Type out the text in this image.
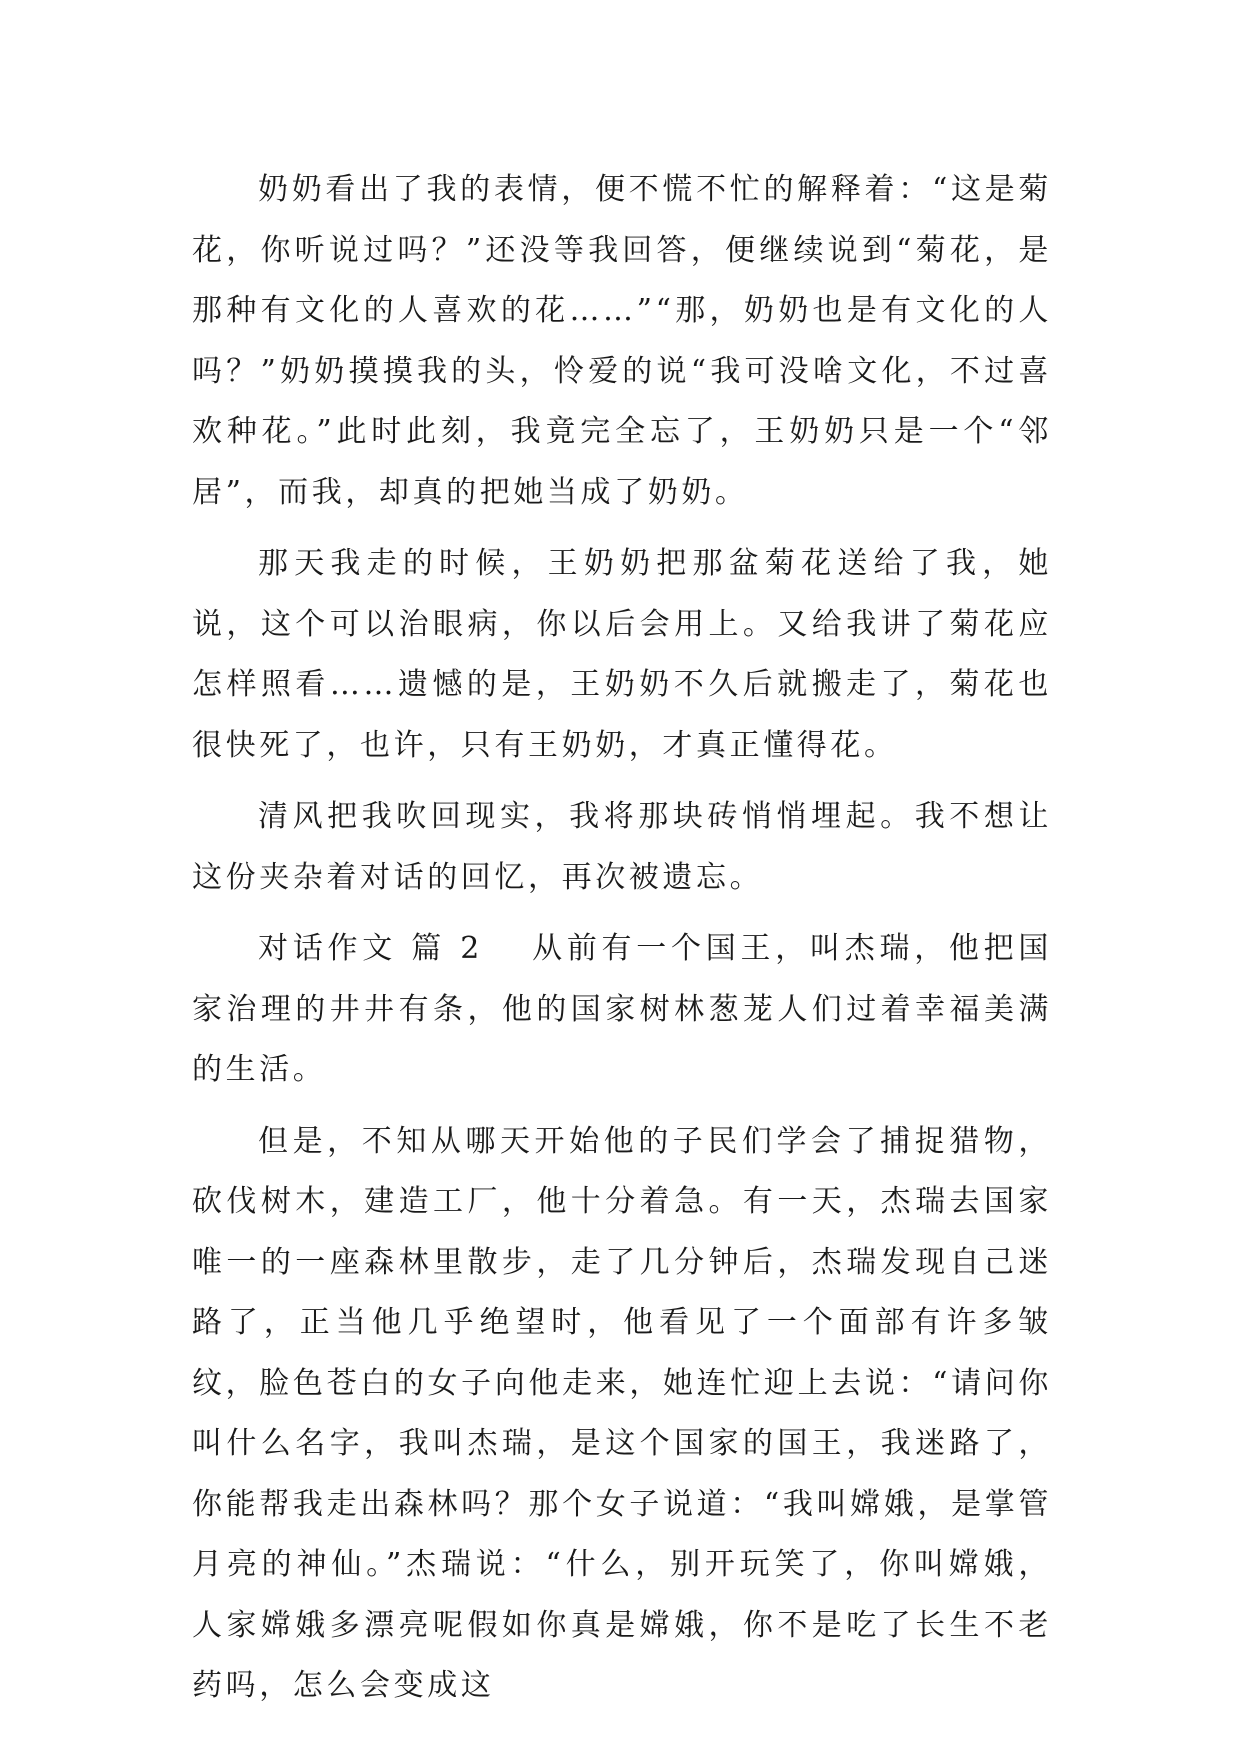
奶奶看出了我的表情，便不慌不忙的解释着：“这是菊花，你听说过吗？”还没等我回答，便继续说到“菊花，是那种有文化的人喜欢的花……”“那，奶奶也是有文化的人吗？”奶奶摸摸我的头，怜爱的说“我可没啥文化，不过喜欢种花。”此时此刻，我竟完全忘了，王奶奶只是一个“邻居”，而我，却真的把她当成了奶奶。

那天我走的时候，王奶奶把那盆菊花送给了我，她说，这个可以治眼病，你以后会用上。又给我讲了菊花应怎样照看……遗憾的是，王奶奶不久后就搬走了，菊花也很快死了，也许，只有王奶奶，才真正懂得花。

清风把我吹回现实，我将那块砖悄悄埋起。我不想让这份夹杂着对话的回忆，再次被遗忘。

对话作文 篇 2 从前有一个国王，叫杰瑞，他把国家治理的井井有条，他的国家树林葱茏人们过着幸福美满的生活。

但是，不知从哪天开始他的子民们学会了捕捉猎物，砍伐树木，建造工厂，他十分着急。有一天，杰瑞去国家唯一的一座森林里散步，走了几分钟后，杰瑞发现自己迷路了，正当他几乎绝望时，他看见了一个面部有许多皱纹，脸色苍白的女子向他走来，她连忙迎上去说：“请问你叫什么名字，我叫杰瑞，是这个国家的国王，我迷路了，你能帮我走出森林吗？那个女子说道：“我叫嫦娥，是掌管月亮的神仙。”杰瑞说：“什么，别开玩笑了，你叫嫦娥，人家嫦娥多漂亮呢假如你真是嫦娥，你不是吃了长生不老药吗，怎么会变成这
